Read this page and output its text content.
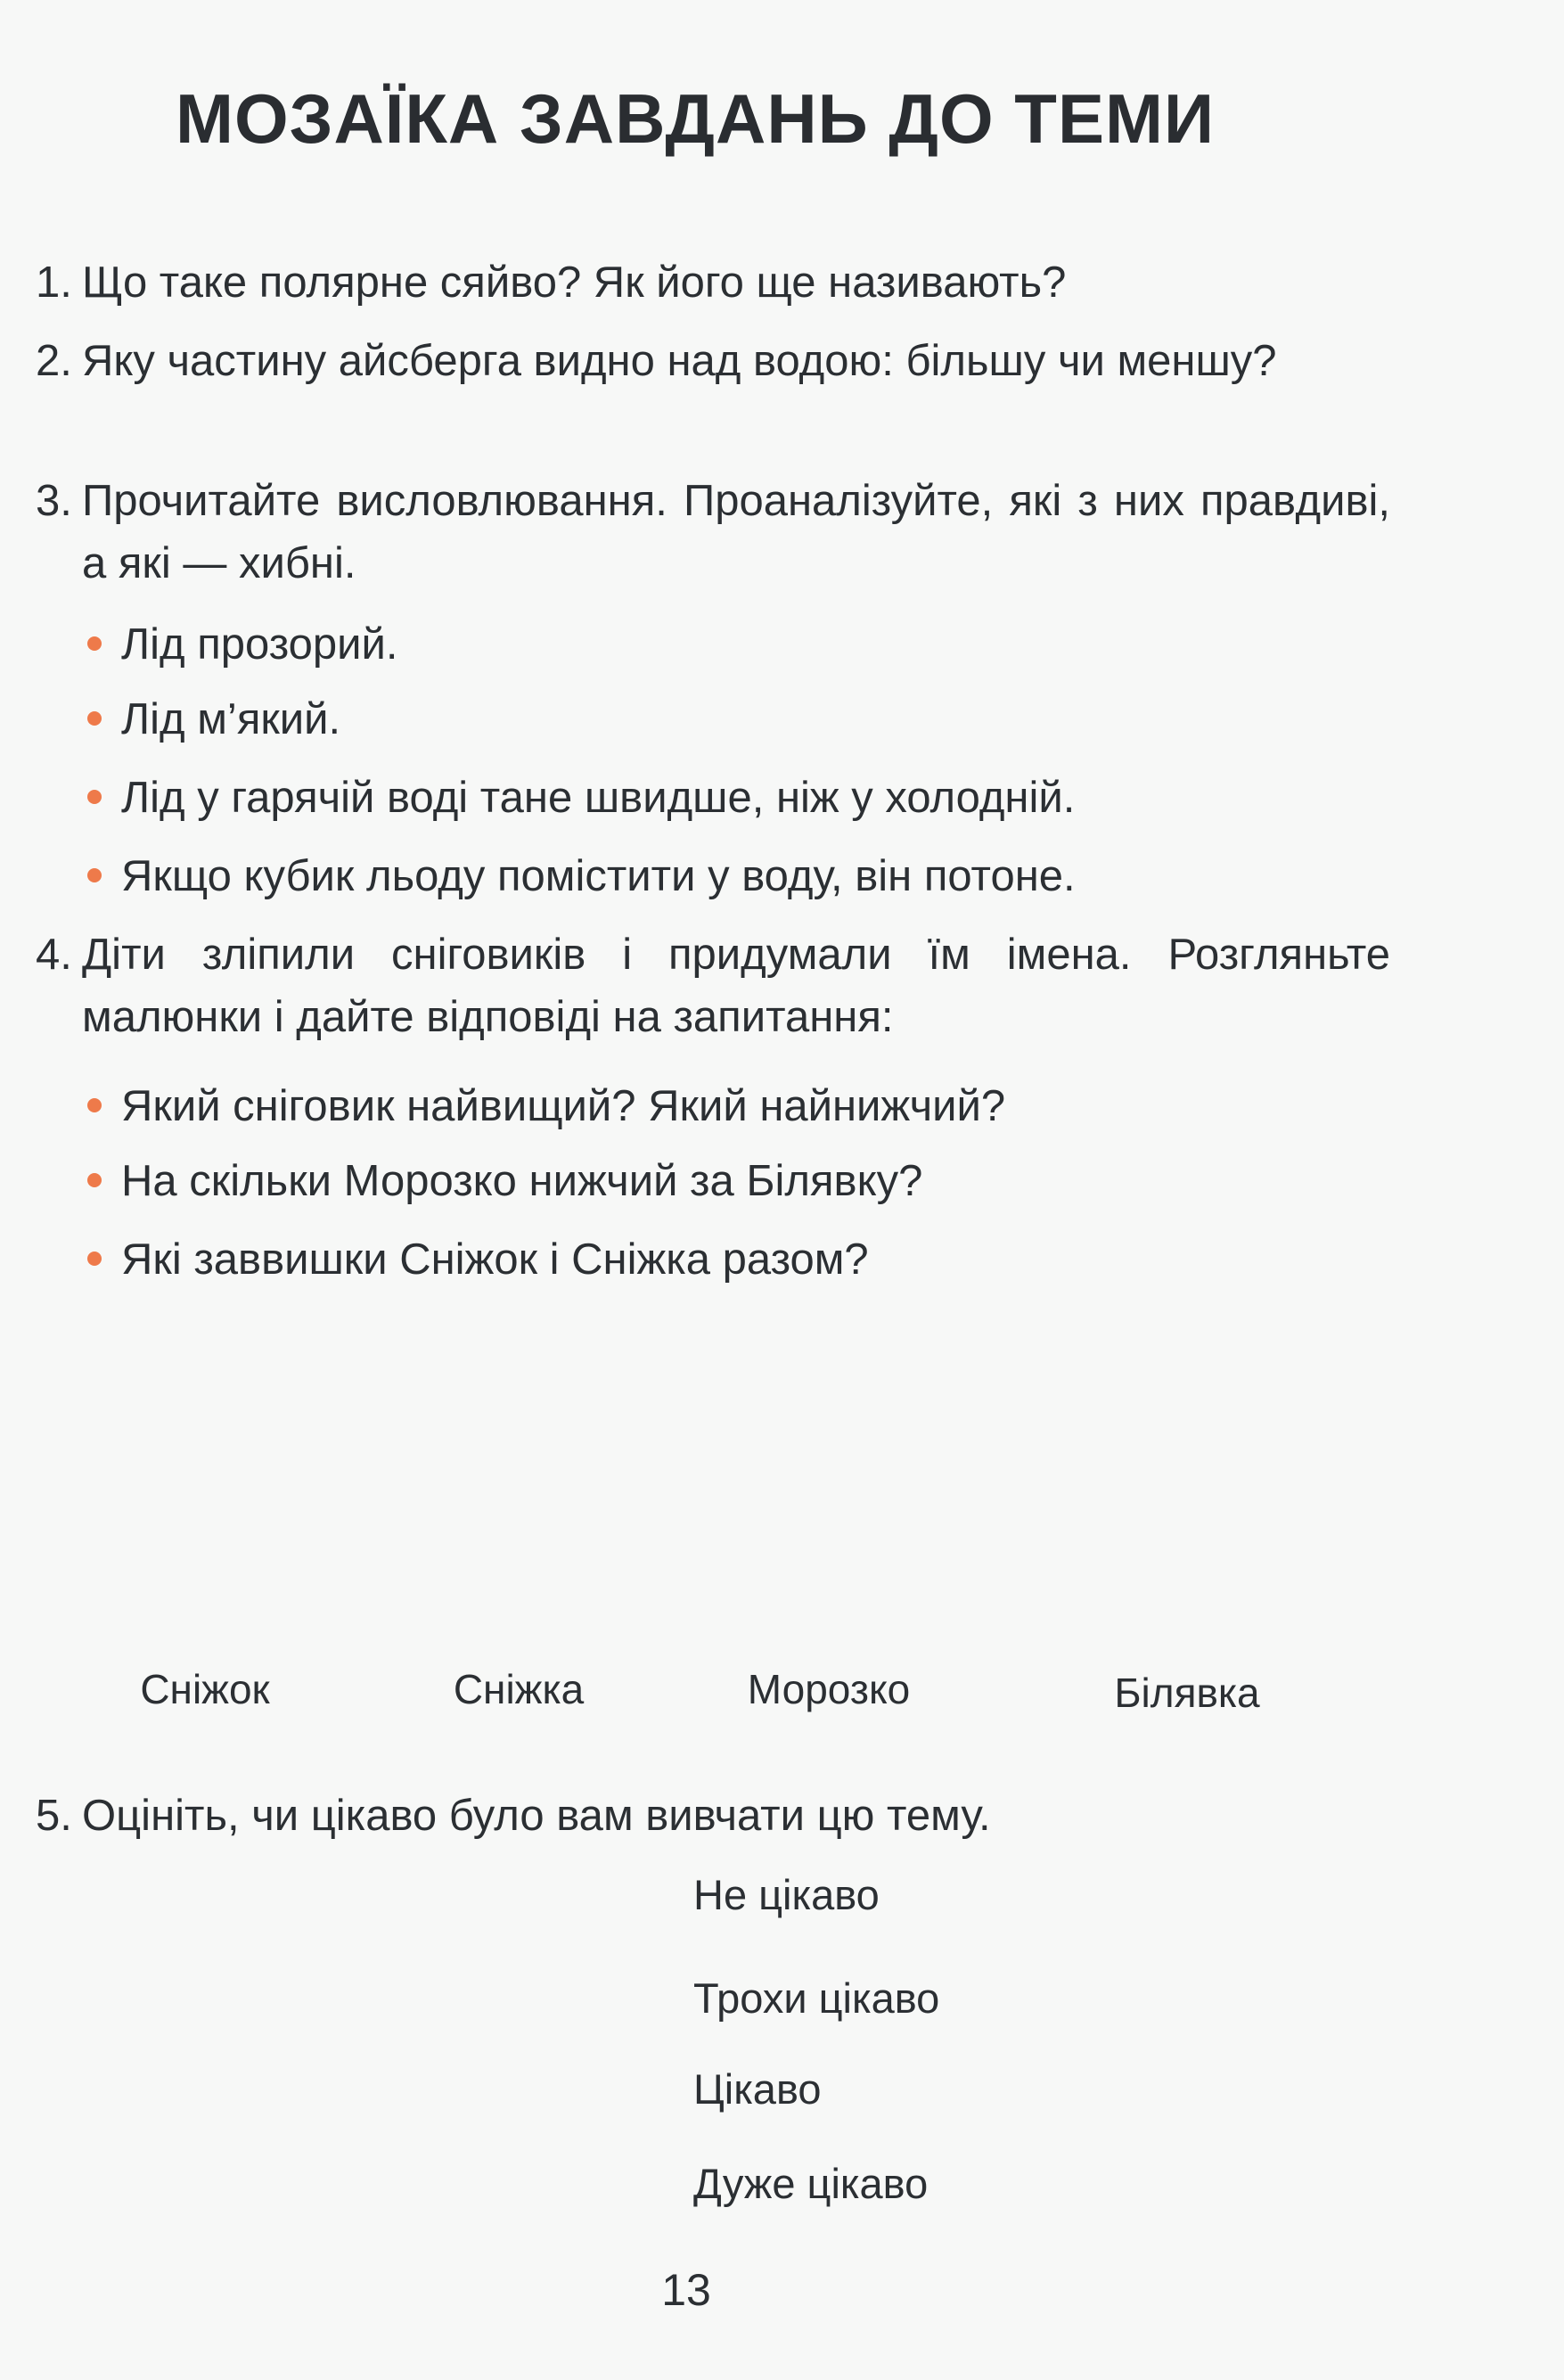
МОЗАЇКА ЗАВДАНЬ ДО ТЕМИ
1. Що таке полярне сяйво? Як його ще називають?
2. Яку частину айсберга видно над водою: більшу чи меншу?
3. Прочитайте висловлювання. Проаналізуйте, які з них правдиві, а які — хибні.
Лід прозорий.
Лід м’який.
Лід у гарячій воді тане швидше, ніж у холодній.
Якщо кубик льоду помістити у воду, він потоне.
4. Діти зліпили сніговиків і придумали їм імена. Розгляньте малюнки і дайте відповіді на запитання:
Який сніговик найвищий? Який найнижчий?
На скільки Морозко нижчий за Білявку?
Які заввишки Сніжок і Сніжка разом?
Сніжок	Сніжка	Морозко	Білявка
5. Оцініть, чи цікаво було вам вивчати цю тему.
Не цікаво
Трохи цікаво
Цікаво
Дуже цікаво
13
